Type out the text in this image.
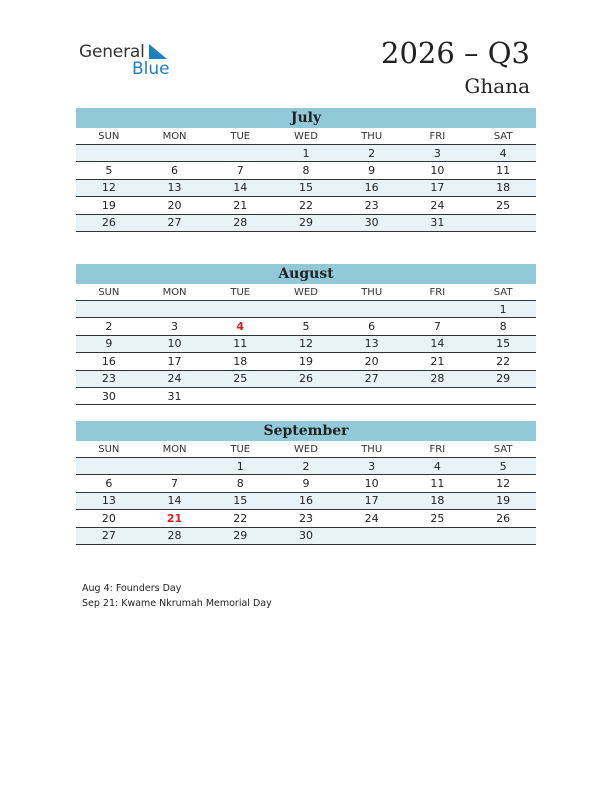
General
Blue	2026 – Q3
Ghana
July
SUN	MON	TUE	WED	THU	FRI	SAT
			1	2	3	4
5	6	7	8	9	10	11
12	13	14	15	16	17	18
19	20	21	22	23	24	25
26	27	28	29	30	31	
August
SUN	MON	TUE	WED	THU	FRI	SAT
						1
2	3	4	5	6	7	8
9	10	11	12	13	14	15
16	17	18	19	20	21	22
23	24	25	26	27	28	29
30	31					
September
SUN	MON	TUE	WED	THU	FRI	SAT
		1	2	3	4	5
6	7	8	9	10	11	12
13	14	15	16	17	18	19
20	21	22	23	24	25	26
27	28	29	30			
Aug 4: Founders Day
Sep 21: Kwame Nkrumah Memorial Day
